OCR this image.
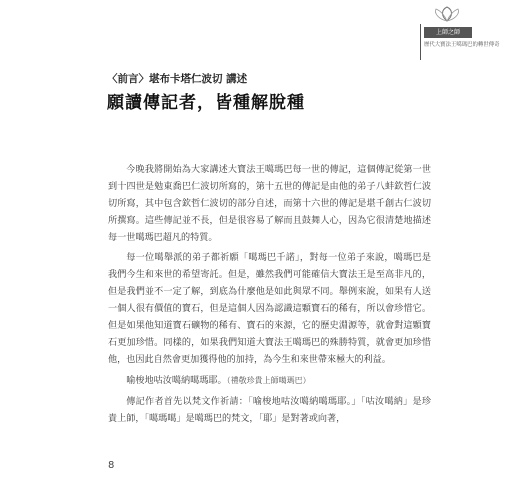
上師之師
歷代大寶法王噶瑪巴的轉世傳奇
〈前言〉堪布卡塔仁波切 講述
願讀傳記者，皆種解脫種

今晚我將開始為大家講述大寶法王噶瑪巴每一世的傳記，這個傳記從第一世到十四世是勉東喬巴仁波切所寫的，第十五世的傳記是由他的弟子八蚌欽哲仁波切所寫，其中包含欽哲仁波切的部分自述，而第十六世的傳記是堪千創古仁波切所撰寫。這些傳記並不長，但是很容易了解而且鼓舞人心，因為它很清楚地描述每一世噶瑪巴超凡的特質。

每一位噶舉派的弟子都祈願「噶瑪巴千諾」，對每一位弟子來說，噶瑪巴是我們今生和來世的希望寄託。但是，雖然我們可能確信大寶法王是至高非凡的，但是我們並不一定了解，到底為什麼他是如此與眾不同。舉例來說，如果有人送一個人很有價值的寶石，但是這個人因為認識這顆寶石的稀有，所以會珍惜它。但是如果他知道寶石礦物的稀有、寶石的來源，它的歷史淵源等，就會對這顆寶石更加珍惜。同樣的，如果我們知道大寶法王噶瑪巴的殊勝特質，就會更加珍惜他，也因此自然會更加獲得他的加持，為今生和來世帶來極大的利益。

喻梭地咕汝噶納噶瑪耶。（禮敬珍貴上師噶瑪巴）

傳記作者首先以梵文作祈請：「喻梭地咕汝噶納噶瑪耶。」「咕汝噶納」是珍貴上師，「噶瑪噶」是噶瑪巴的梵文，「耶」是對著或向著，

8
